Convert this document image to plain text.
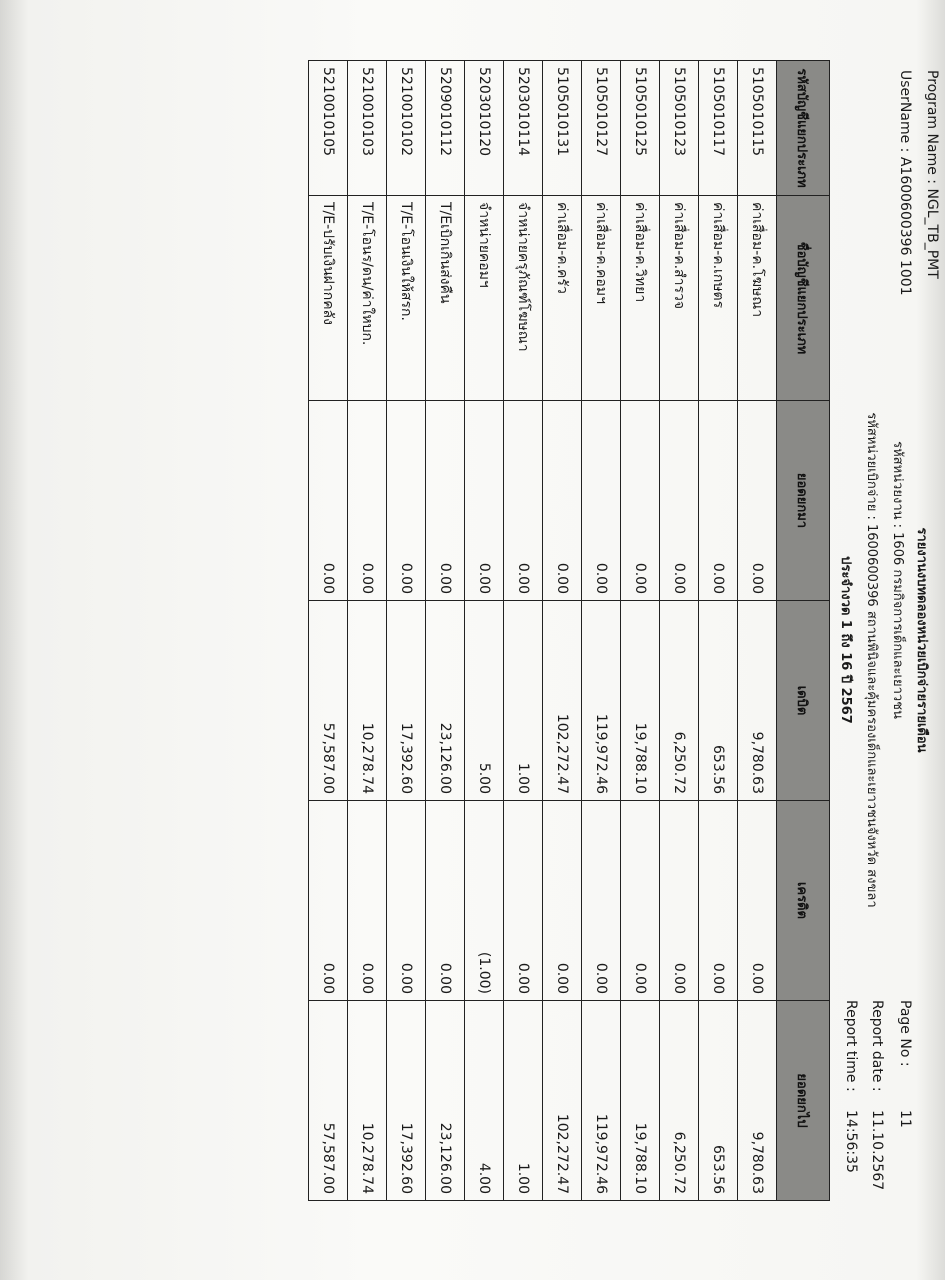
รายงานงบทดลองหน่วยเบิกจ่ายรายเดือน
Program Name : NGL_TB_PMT
UserName : A1600600396 1001
รหัสหน่วยงาน : 1606 กรมกิจการเด็กและเยาวชน
รหัสหน่วยเบิกจ่าย : 1600600396 สถานพินิจและคุ้มครองเด็กและเยาวชนจังหวัด สงขลา
ประจำงวด 1 ถึง 16 ปี 2567
Page No :
11
Report date :
11.10.2567
Report time :
14:56:35
รหัสบัญชีแยกประเภท	ชื่อบัญชีแยกประเภท	ยอดยกมา	เดบิต	เครดิต	ยอดยกไป
5105010115	ค่าเสื่อม-ค.โฆษณา	0.00	9,780.63	0.00	9,780.63
5105010117	ค่าเสื่อม-ค.เกษตร	0.00	653.56	0.00	653.56
5105010123	ค่าเสื่อม-ค.สำรวจ	0.00	6,250.72	0.00	6,250.72
5105010125	ค่าเสื่อม-ค.วิทยา	0.00	19,788.10	0.00	19,788.10
5105010127	ค่าเสื่อม-ค.คอมฯ	0.00	119,972.46	0.00	119,972.46
5105010131	ค่าเสื่อม-ค.ครัว	0.00	102,272.47	0.00	102,272.47
5203010114	จำหน่ายครุภัณฑ์โฆษณา	0.00	1.00	0.00	1.00
5203010120	จำหน่ายคอมฯ	0.00	5.00	(1.00)	4.00
5209010112	T/Eเบิกเกินส่งคืน	0.00	23,126.00	0.00	23,126.00
5210010102	T/E-โอนเงินให้สรก.	0.00	17,392.60	0.00	17,392.60
5210010103	T/E-โอนร/ดน/ค่าใหบก.	0.00	10,278.74	0.00	10,278.74
5210010105	T/E-ปรับเงินฝากคลัง	0.00	57,587.00	0.00	57,587.00
